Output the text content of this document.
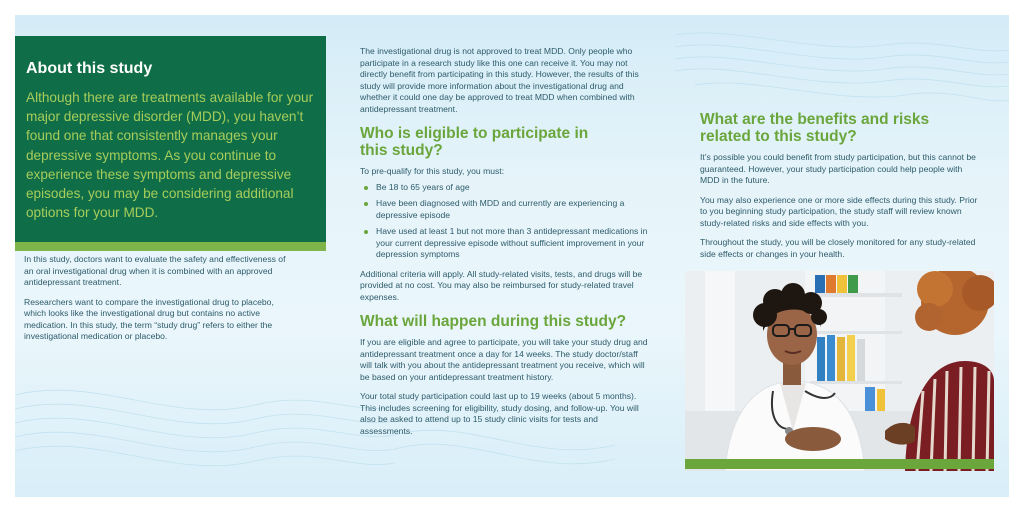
About this study

Although there are treatments available for your major depressive disorder (MDD), you haven’t found one that consistently manages your depressive symptoms. As you continue to experience these symptoms and depressive episodes, you may be considering additional options for your MDD.

In this study, doctors want to evaluate the safety and effectiveness of an oral investigational drug when it is combined with an approved antidepressant treatment.

Researchers want to compare the investigational drug to placebo, which looks like the investigational drug but contains no active medication. In this study, the term “study drug” refers to either the investigational medication or placebo.

The investigational drug is not approved to treat MDD. Only people who participate in a research study like this one can receive it. You may not directly benefit from participating in this study. However, the results of this study will provide more information about the investigational drug and whether it could one day be approved to treat MDD when combined with antidepressant treatment.

Who is eligible to participate in this study?

To pre-qualify for this study, you must:

Be 18 to 65 years of age
Have been diagnosed with MDD and currently are experiencing a depressive episode
Have used at least 1 but not more than 3 antidepressant medications in your current depressive episode without sufficient improvement in your depression symptoms

Additional criteria will apply. All study-related visits, tests, and drugs will be provided at no cost. You may also be reimbursed for study-related travel expenses.

What will happen during this study?

If you are eligible and agree to participate, you will take your study drug and antidepressant treatment once a day for 14 weeks. The study doctor/staff will talk with you about the antidepressant treatment you receive, which will be based on your antidepressant treatment history.

Your total study participation could last up to 19 weeks (about 5 months). This includes screening for eligibility, study dosing, and follow-up. You will also be asked to attend up to 15 study clinic visits for tests and assessments.

What are the benefits and risks related to this study?

It’s possible you could benefit from study participation, but this cannot be guaranteed. However, your study participation could help people with MDD in the future.

You may also experience one or more side effects during this study. Prior to you beginning study participation, the study staff will review known study-related risks and side effects with you.

Throughout the study, you will be closely monitored for any study-related side effects or changes in your health.
